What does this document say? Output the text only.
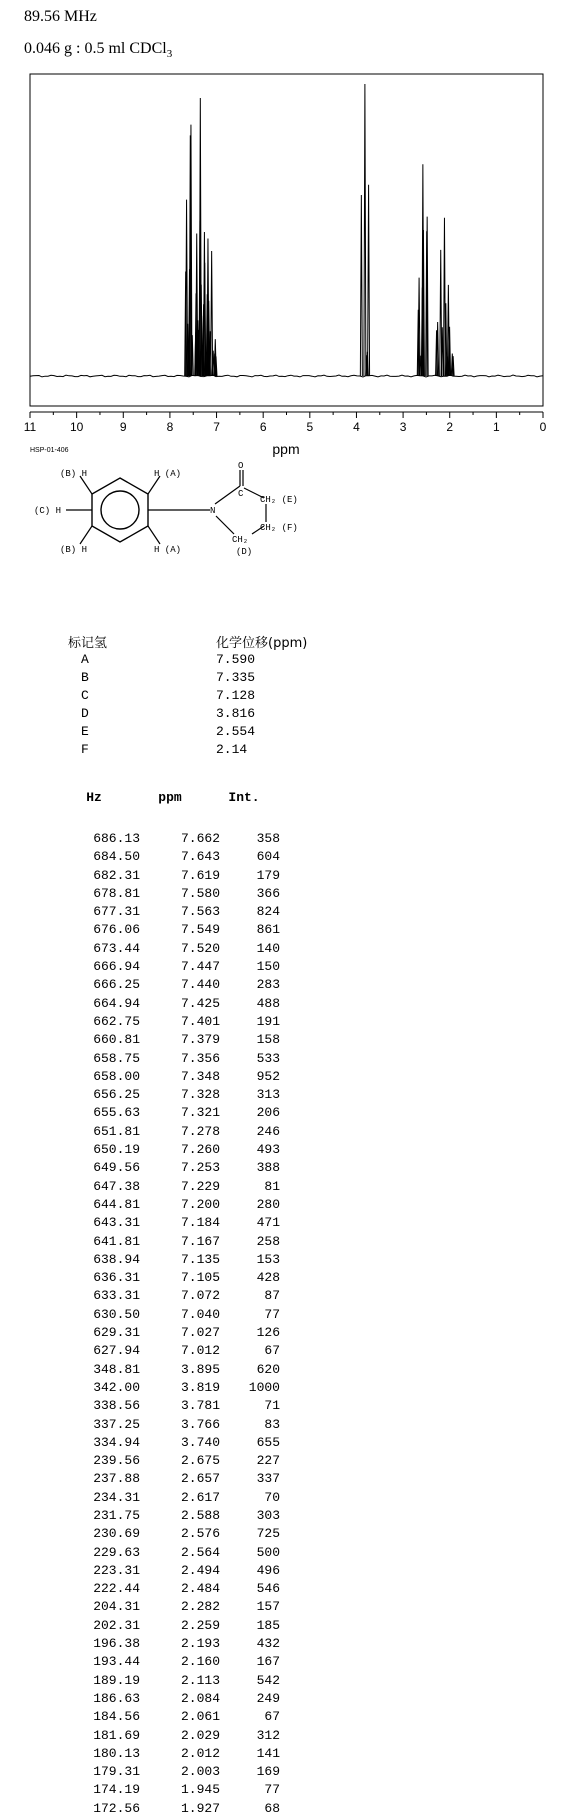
89.56 MHz
0.046 g : 0.5 ml CDCl$_3$
11	10	9	8	7	6	5	4	3	2	1	0
ppm
HSP-01-406
(B) H	H (A)
(C) H
(B) H	H (A)
O
C
N
CH₂ (E)
CH₂ (F)
CH₂
(D)
标记氢	化学位移(ppm)
A	7.590
B	7.335
C	7.128
D	3.816
E	2.554
F	2.14
Hz	ppm	Int.
686.13	7.662	358
684.50	7.643	604
682.31	7.619	179
678.81	7.580	366
677.31	7.563	824
676.06	7.549	861
673.44	7.520	140
666.94	7.447	150
666.25	7.440	283
664.94	7.425	488
662.75	7.401	191
660.81	7.379	158
658.75	7.356	533
658.00	7.348	952
656.25	7.328	313
655.63	7.321	206
651.81	7.278	246
650.19	7.260	493
649.56	7.253	388
647.38	7.229	81
644.81	7.200	280
643.31	7.184	471
641.81	7.167	258
638.94	7.135	153
636.31	7.105	428
633.31	7.072	87
630.50	7.040	77
629.31	7.027	126
627.94	7.012	67
348.81	3.895	620
342.00	3.819	1000
338.56	3.781	71
337.25	3.766	83
334.94	3.740	655
239.56	2.675	227
237.88	2.657	337
234.31	2.617	70
231.75	2.588	303
230.69	2.576	725
229.63	2.564	500
223.31	2.494	496
222.44	2.484	546
204.31	2.282	157
202.31	2.259	185
196.38	2.193	432
193.44	2.160	167
189.19	2.113	542
186.63	2.084	249
184.56	2.061	67
181.69	2.029	312
180.13	2.012	141
179.31	2.003	169
174.19	1.945	77
172.56	1.927	68
